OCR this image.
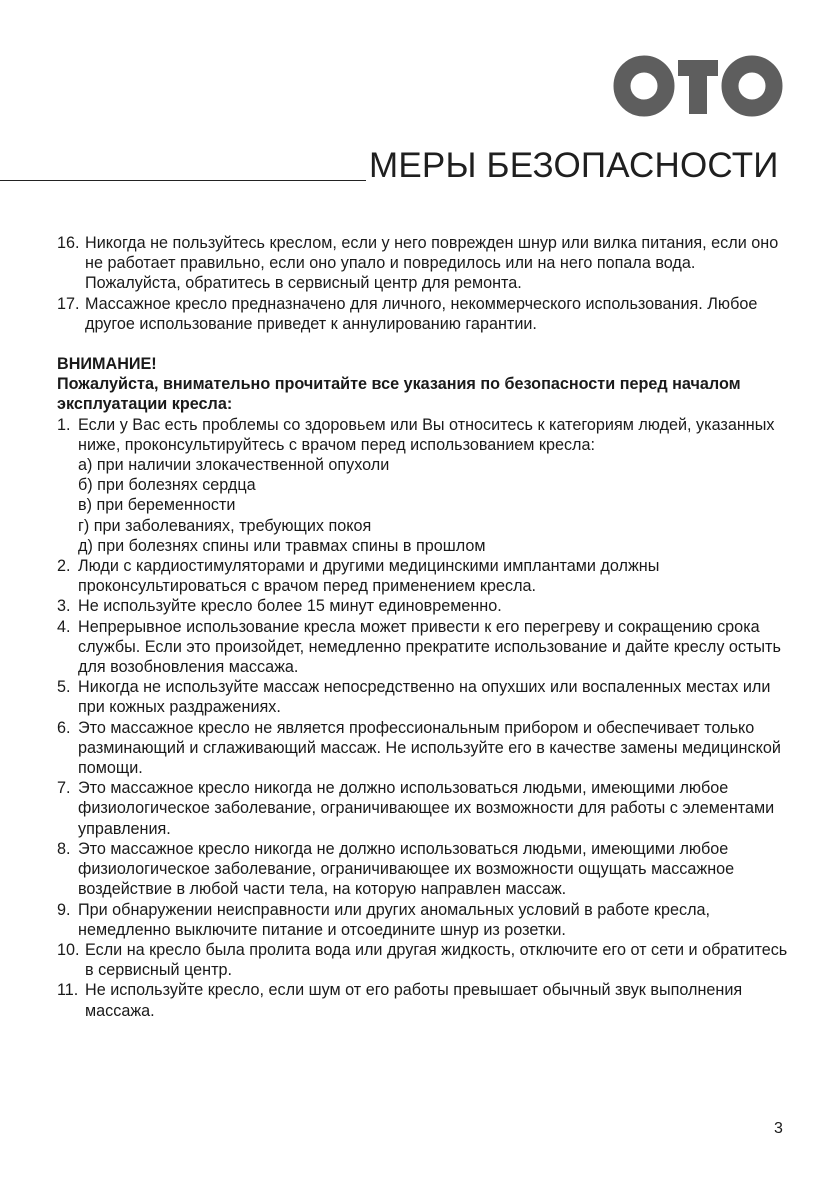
МЕРЫ БЕЗОПАСНОСТИ
16. Никогда не пользуйтесь креслом, если у него поврежден шнур или вилка питания, если оно не работает правильно, если оно упало и повредилось или на него попала вода. Пожалуйста, обратитесь в сервисный центр для ремонта.
17. Массажное кресло предназначено для личного, некоммерческого использования. Любое другое использование приведет к аннулированию гарантии.
ВНИМАНИЕ!
Пожалуйста, внимательно прочитайте все указания по безопасности перед началом эксплуатации кресла:
1. Если у Вас есть проблемы со здоровьем или Вы относитесь к категориям людей, указанных ниже, проконсультируйтесь с врачом перед использованием кресла:
а) при наличии злокачественной опухоли
б) при болезнях сердца
в) при беременности
г) при заболеваниях, требующих покоя
д) при болезнях спины или травмах спины в прошлом
2. Люди с кардиостимуляторами и другими медицинскими имплантами должны проконсультироваться с врачом перед применением кресла.
3. Не используйте кресло более 15 минут единовременно.
4. Непрерывное использование кресла может привести к его перегреву и сокращению срока службы. Если это произойдет, немедленно прекратите использование и дайте креслу остыть для возобновления массажа.
5. Никогда не используйте массаж непосредственно на опухших или воспаленных местах или при кожных раздражениях.
6. Это массажное кресло не является профессиональным прибором и обеспечивает только разминающий и сглаживающий массаж. Не используйте его в качестве замены медицинской помощи.
7. Это массажное кресло никогда не должно использоваться людьми, имеющими любое физиологическое заболевание, ограничивающее их возможности для работы с элементами управления.
8. Это массажное кресло никогда не должно использоваться людьми, имеющими любое физиологическое заболевание, ограничивающее их возможности ощущать массажное воздействие в любой части тела, на которую направлен массаж.
9. При обнаружении неисправности или других аномальных условий в работе кресла, немедленно выключите питание и отсоедините шнур из розетки.
10. Если на кресло была пролита вода или другая жидкость, отключите его от сети и обратитесь в сервисный центр.
11. Не используйте кресло, если шум от его работы превышает обычный звук выполнения массажа.
3
